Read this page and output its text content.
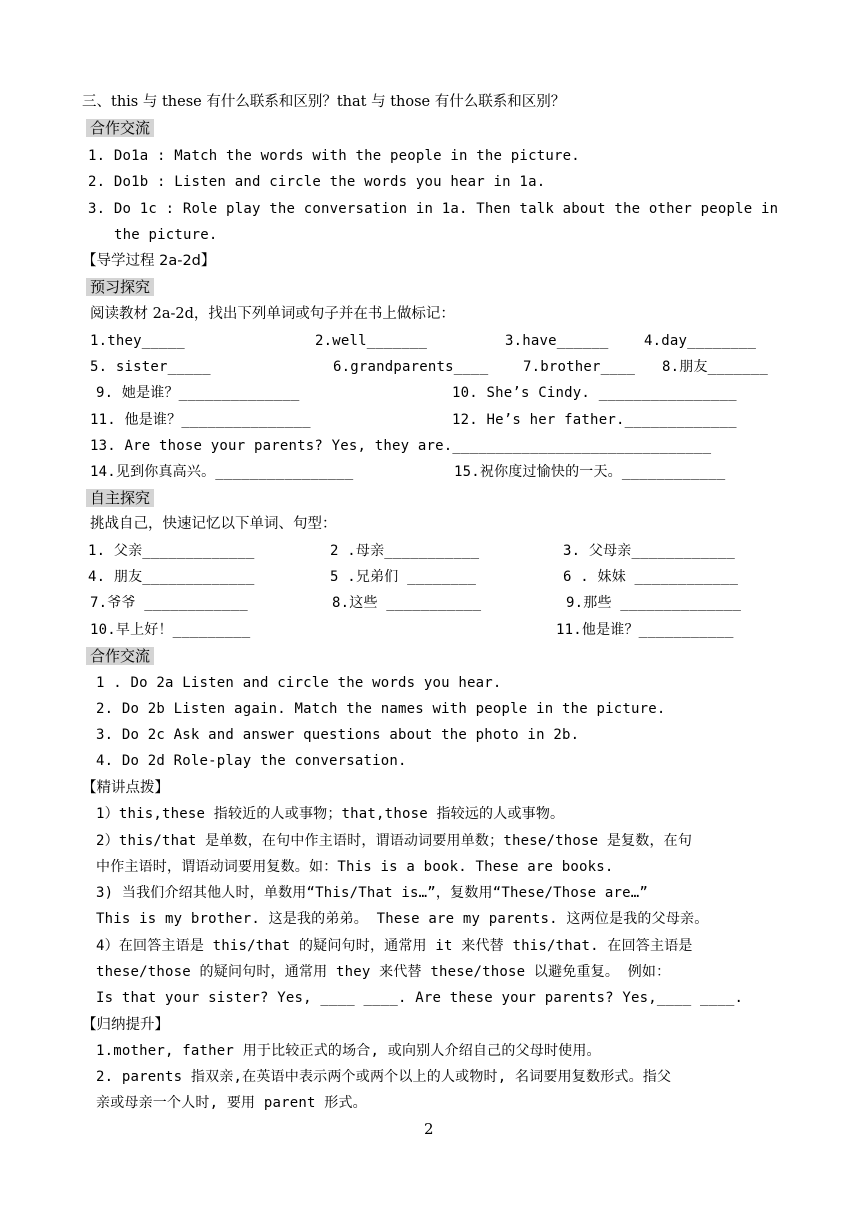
三、this 与 these 有什么联系和区别？that 与 those 有什么联系和区别？
合作交流
1. Do1a : Match the words with the people in the picture.
2. Do1b : Listen and circle the words you hear in 1a.
3. Do 1c : Role play the conversation in 1a. Then talk about the other people in
the picture.
【导学过程 2a-2d】
预习探究
阅读教材 2a-2d，找出下列单词或句子并在书上做标记：
1.they_____	2.well_______	3.have______	4.day________
5. sister_____	6.grandparents____ 7.brother____ 8.朋友_______
9. 她是谁？______________	10. She’s Cindy. ________________
11. 他是谁？_______________	12. He’s her father._____________
13. Are those your parents? Yes, they are.______________________________
14.见到你真高兴。________________	15.祝你度过愉快的一天。____________
自主探究
挑战自己，快速记忆以下单词、句型：
1. 父亲_____________	2 .母亲___________	3. 父母亲____________
4. 朋友_____________	5 .兄弟们 ________	6 . 妹妹 ____________
7.爷爷 ____________	8.这些 ___________	9.那些 ______________
10.早上好！_________	11.他是谁？___________
合作交流
1 . Do 2a Listen and circle the words you hear.
2. Do 2b Listen again. Match the names with people in the picture.
3. Do 2c Ask and answer questions about the photo in 2b.
4. Do 2d Role-play the conversation.
【精讲点拨】
1）this,these 指较近的人或事物；that,those 指较远的人或事物。
2）this/that 是单数，在句中作主语时，谓语动词要用单数；these/those 是复数，在句
中作主语时，谓语动词要用复数。如：This is a book. These are books.
3) 当我们介绍其他人时，单数用“This/That is…”，复数用“These/Those are…”
This is my brother. 这是我的弟弟。 These are my parents. 这两位是我的父母亲。
4）在回答主语是 this/that 的疑问句时，通常用 it 来代替 this/that. 在回答主语是
these/those 的疑问句时，通常用 they 来代替 these/those 以避免重复。 例如：
Is that your sister? Yes, ____ ____. Are these your parents? Yes,____ ____.
【归纳提升】
1.mother, father 用于比较正式的场合, 或向别人介绍自己的父母时使用。
2. parents 指双亲,在英语中表示两个或两个以上的人或物时, 名词要用复数形式。指父
亲或母亲一个人时, 要用 parent 形式。
2
